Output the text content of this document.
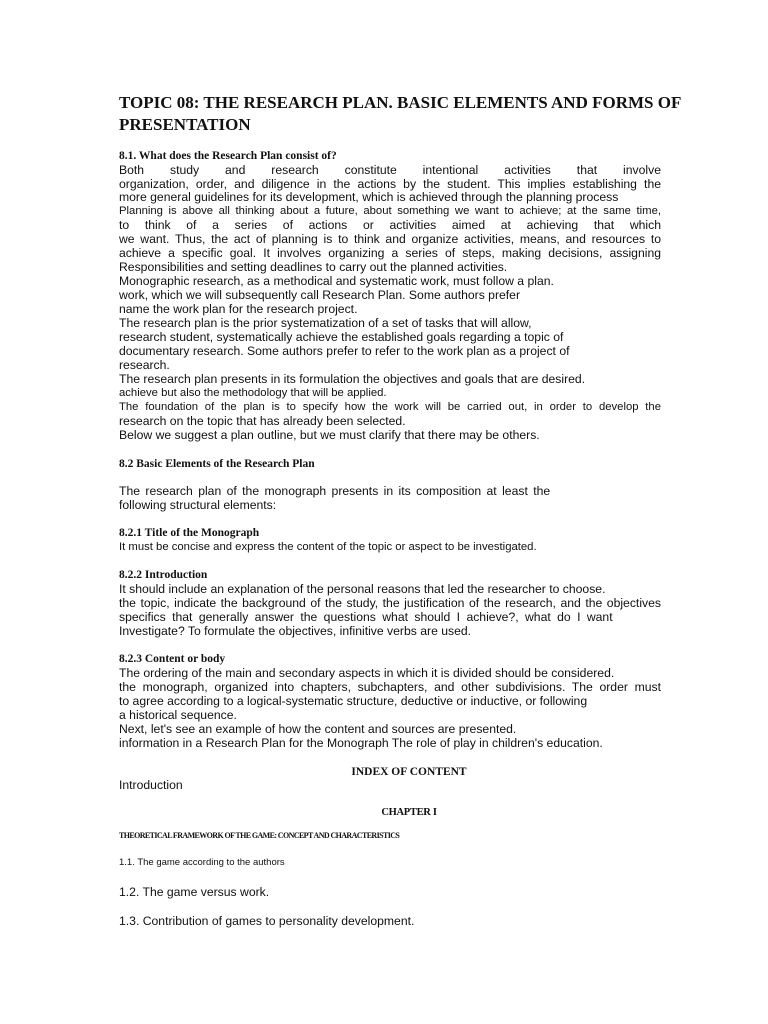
TOPIC 08: THE RESEARCH PLAN. BASIC ELEMENTS AND FORMS OF PRESENTATION

8.1. What does the Research Plan consist of?

Both study and research constitute intentional activities that involve

organization, order, and diligence in the actions by the student. This implies establishing the

more general guidelines for its development, which is achieved through the planning process

Planning is above all thinking about a future, about something we want to achieve; at the same time,

to think of a series of actions or activities aimed at achieving that which

we want. Thus, the act of planning is to think and organize activities, means, and resources to

achieve a specific goal. It involves organizing a series of steps, making decisions, assigning

Responsibilities and setting deadlines to carry out the planned activities.

Monographic research, as a methodical and systematic work, must follow a plan.

work, which we will subsequently call Research Plan. Some authors prefer

name the work plan for the research project.

The research plan is the prior systematization of a set of tasks that will allow,

research student, systematically achieve the established goals regarding a topic of

documentary research. Some authors prefer to refer to the work plan as a project of

research.

The research plan presents in its formulation the objectives and goals that are desired.

achieve but also the methodology that will be applied.

The foundation of the plan is to specify how the work will be carried out, in order to develop the

research on the topic that has already been selected.

Below we suggest a plan outline, but we must clarify that there may be others.

8.2 Basic Elements of the Research Plan

The research plan of the monograph presents in its composition at least the

following structural elements:

8.2.1 Title of the Monograph

It must be concise and express the content of the topic or aspect to be investigated.

8.2.2 Introduction

It should include an explanation of the personal reasons that led the researcher to choose.

the topic, indicate the background of the study, the justification of the research, and the objectives

specifics that generally answer the questions what should I achieve?, what do I want

Investigate? To formulate the objectives, infinitive verbs are used.

8.2.3 Content or body

The ordering of the main and secondary aspects in which it is divided should be considered.

the monograph, organized into chapters, subchapters, and other subdivisions. The order must

to agree according to a logical-systematic structure, deductive or inductive, or following

a historical sequence.

Next, let's see an example of how the content and sources are presented.

information in a Research Plan for the Monograph The role of play in children's education.

INDEX OF CONTENT

Introduction

CHAPTER I

THEORETICAL FRAMEWORK OF THE GAME: CONCEPT AND CHARACTERISTICS

1.1. The game according to the authors

1.2. The game versus work.

1.3. Contribution of games to personality development.
